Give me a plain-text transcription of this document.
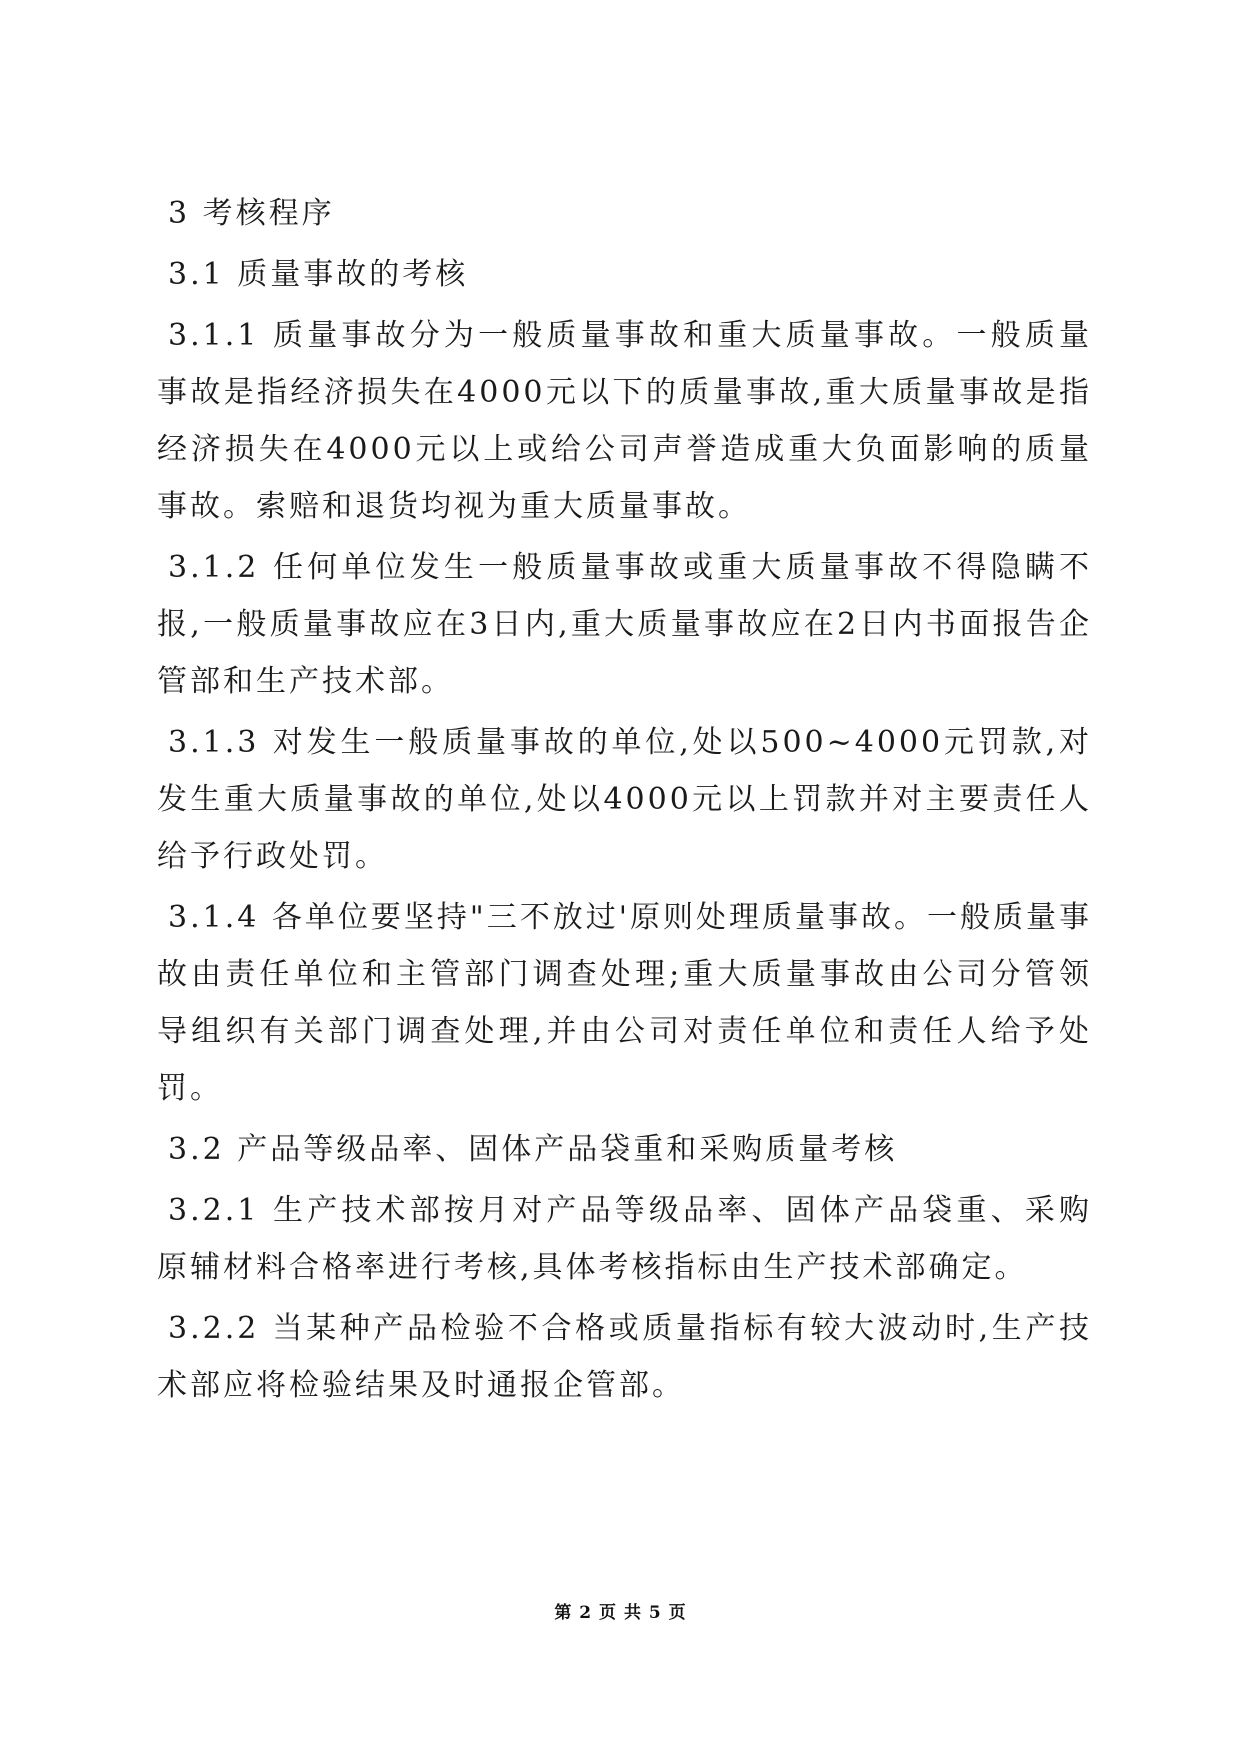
3 考核程序

3.1 质量事故的考核

3.1.1 质量事故分为一般质量事故和重大质量事故。一般质量事故是指经济损失在4000元以下的质量事故,重大质量事故是指经济损失在4000元以上或给公司声誉造成重大负面影响的质量事故。索赔和退货均视为重大质量事故。

3.1.2 任何单位发生一般质量事故或重大质量事故不得隐瞒不报,一般质量事故应在3日内,重大质量事故应在2日内书面报告企管部和生产技术部。

3.1.3 对发生一般质量事故的单位,处以500~4000元罚款,对发生重大质量事故的单位,处以4000元以上罚款并对主要责任人给予行政处罚。

3.1.4 各单位要坚持"三不放过'原则处理质量事故。一般质量事故由责任单位和主管部门调查处理;重大质量事故由公司分管领导组织有关部门调查处理,并由公司对责任单位和责任人给予处罚。

3.2 产品等级品率、固体产品袋重和采购质量考核

3.2.1 生产技术部按月对产品等级品率、固体产品袋重、采购原辅材料合格率进行考核,具体考核指标由生产技术部确定。

3.2.2 当某种产品检验不合格或质量指标有较大波动时,生产技术部应将检验结果及时通报企管部。

第 2 页 共 5 页
